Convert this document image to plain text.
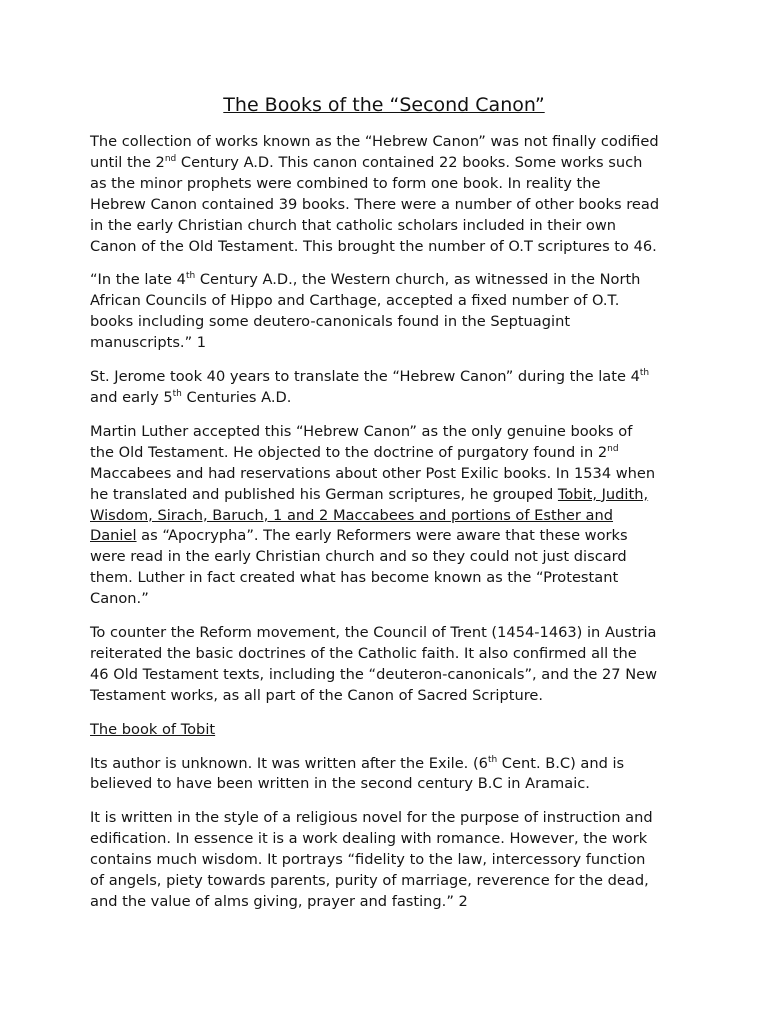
The Books of the “Second Canon”

The collection of works known as the “Hebrew Canon” was not finally codified
until the 2nd Century A.D. This canon contained 22 books. Some works such
as the minor prophets were combined to form one book. In reality the
Hebrew Canon contained 39 books. There were a number of other books read
in the early Christian church that catholic scholars included in their own
Canon of the Old Testament. This brought the number of O.T scriptures to 46.

“In the late 4th Century A.D., the Western church, as witnessed in the North
African Councils of Hippo and Carthage, accepted a fixed number of O.T.
books including some deutero-canonicals found in the Septuagint
manuscripts.” 1

St. Jerome took 40 years to translate the “Hebrew Canon” during the late 4th
and early 5th Centuries A.D.

Martin Luther accepted this “Hebrew Canon” as the only genuine books of
the Old Testament. He objected to the doctrine of purgatory found in 2nd
Maccabees and had reservations about other Post Exilic books. In 1534 when
he translated and published his German scriptures, he grouped Tobit, Judith,
Wisdom, Sirach, Baruch, 1 and 2 Maccabees and portions of Esther and
Daniel as “Apocrypha”. The early Reformers were aware that these works
were read in the early Christian church and so they could not just discard
them. Luther in fact created what has become known as the “Protestant
Canon.”

To counter the Reform movement, the Council of Trent (1454-1463) in Austria
reiterated the basic doctrines of the Catholic faith. It also confirmed all the
46 Old Testament texts, including the “deuteron-canonicals”, and the 27 New
Testament works, as all part of the Canon of Sacred Scripture.

The book of Tobit

Its author is unknown. It was written after the Exile. (6th Cent. B.C) and is
believed to have been written in the second century B.C in Aramaic.

It is written in the style of a religious novel for the purpose of instruction and
edification. In essence it is a work dealing with romance. However, the work
contains much wisdom. It portrays “fidelity to the law, intercessory function
of angels, piety towards parents, purity of marriage, reverence for the dead,
and the value of alms giving, prayer and fasting.” 2
